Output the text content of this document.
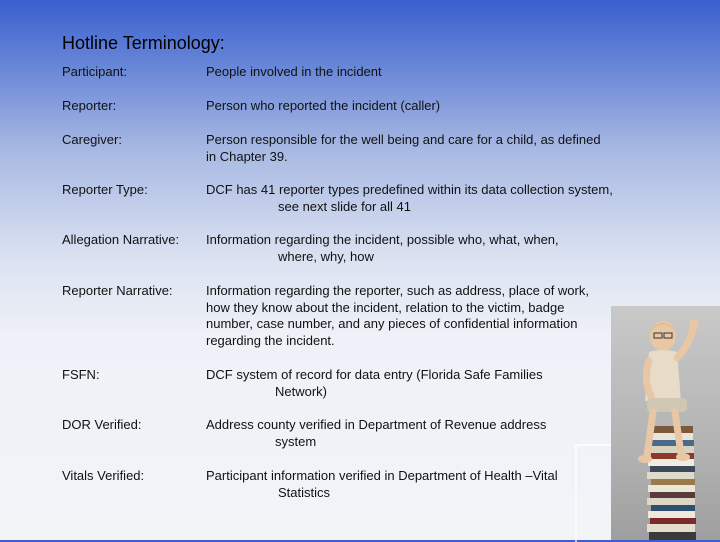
Hotline Terminology:
Participant:	People involved in the incident
Reporter:	Person who reported the incident (caller)
Caregiver:	Person responsible for the well being and care for a child, as defined
in Chapter 39.
Reporter Type:	DCF has 41 reporter types predefined within its data collection system,
see next slide for all 41
Allegation Narrative:	Information regarding the incident, possible who, what, when,
where, why, how
Reporter Narrative:	Information regarding the reporter, such as address, place of work,
how they know about the incident, relation to the victim, badge
number, case number, and any pieces of confidential information
regarding the incident.
FSFN:	DCF system of record for data entry (Florida Safe Families
Network)
DOR Verified:	Address county verified in Department of Revenue address
system
Vitals Verified:	Participant information verified in Department of Health –Vital
Statistics
